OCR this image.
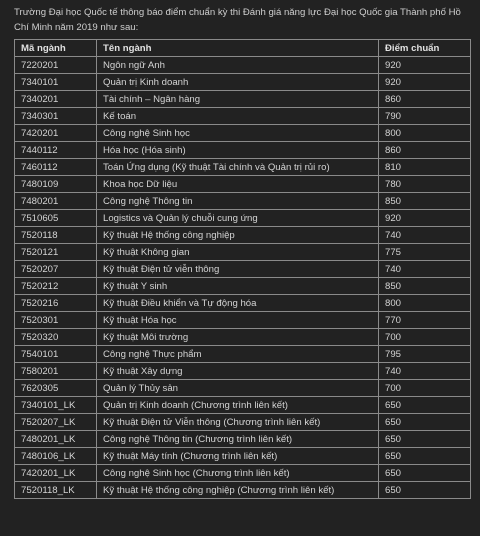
Trường Đại học Quốc tế thông báo điểm chuẩn kỳ thi Đánh giá năng lực Đại học Quốc gia Thành phố Hồ Chí Minh năm 2019 như sau:
Mã ngành	Tên ngành	Điểm chuẩn
7220201	Ngôn ngữ Anh	920
7340101	Quản trị Kinh doanh	920
7340201	Tài chính – Ngân hàng	860
7340301	Kế toán	790
7420201	Công nghệ Sinh học	800
7440112	Hóa học (Hóa sinh)	860
7460112	Toán Ứng dụng (Kỹ thuật Tài chính và Quản trị rủi ro)	810
7480109	Khoa học Dữ liệu	780
7480201	Công nghệ Thông tin	850
7510605	Logistics và Quản lý chuỗi cung ứng	920
7520118	Kỹ thuật Hệ thống công nghiệp	740
7520121	Kỹ thuật Không gian	775
7520207	Kỹ thuật Điện tử viễn thông	740
7520212	Kỹ thuật Y sinh	850
7520216	Kỹ thuật Điều khiển và Tự động hóa	800
7520301	Kỹ thuật Hóa học	770
7520320	Kỹ thuật Môi trường	700
7540101	Công nghệ Thực phẩm	795
7580201	Kỹ thuật Xây dựng	740
7620305	Quản lý Thủy sản	700
7340101_LK	Quản trị Kinh doanh (Chương trình liên kết)	650
7520207_LK	Kỹ thuật Điện tử Viễn thông (Chương trình liên kết)	650
7480201_LK	Công nghệ Thông tin (Chương trình liên kết)	650
7480106_LK	Kỹ thuật Máy tính (Chương trình liên kết)	650
7420201_LK	Công nghệ Sinh học (Chương trình liên kết)	650
7520118_LK	Kỹ thuật Hệ thống công nghiệp (Chương trình liên kết)	650
